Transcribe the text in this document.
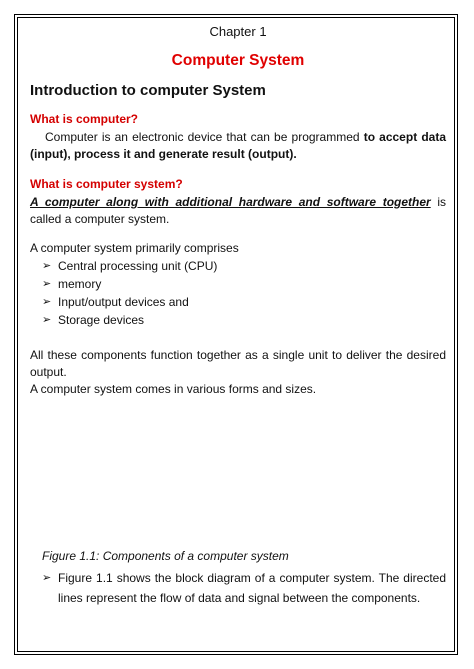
Chapter 1
Computer System
Introduction to computer System
What is computer?
Computer is an electronic device that can be programmed to accept data (input), process it and generate result (output).
What is computer system?
A computer along with additional hardware and software together is called a computer system.
A computer system primarily comprises
➢ Central processing unit (CPU)
➢ memory
➢ Input/output devices and
➢ Storage devices
All these components function together as a single unit to deliver the desired output.
A computer system comes in various forms and sizes.
Figure 1.1: Components of a computer system
➢ Figure 1.1 shows the block diagram of a computer system. The directed lines represent the flow of data and signal between the components.
